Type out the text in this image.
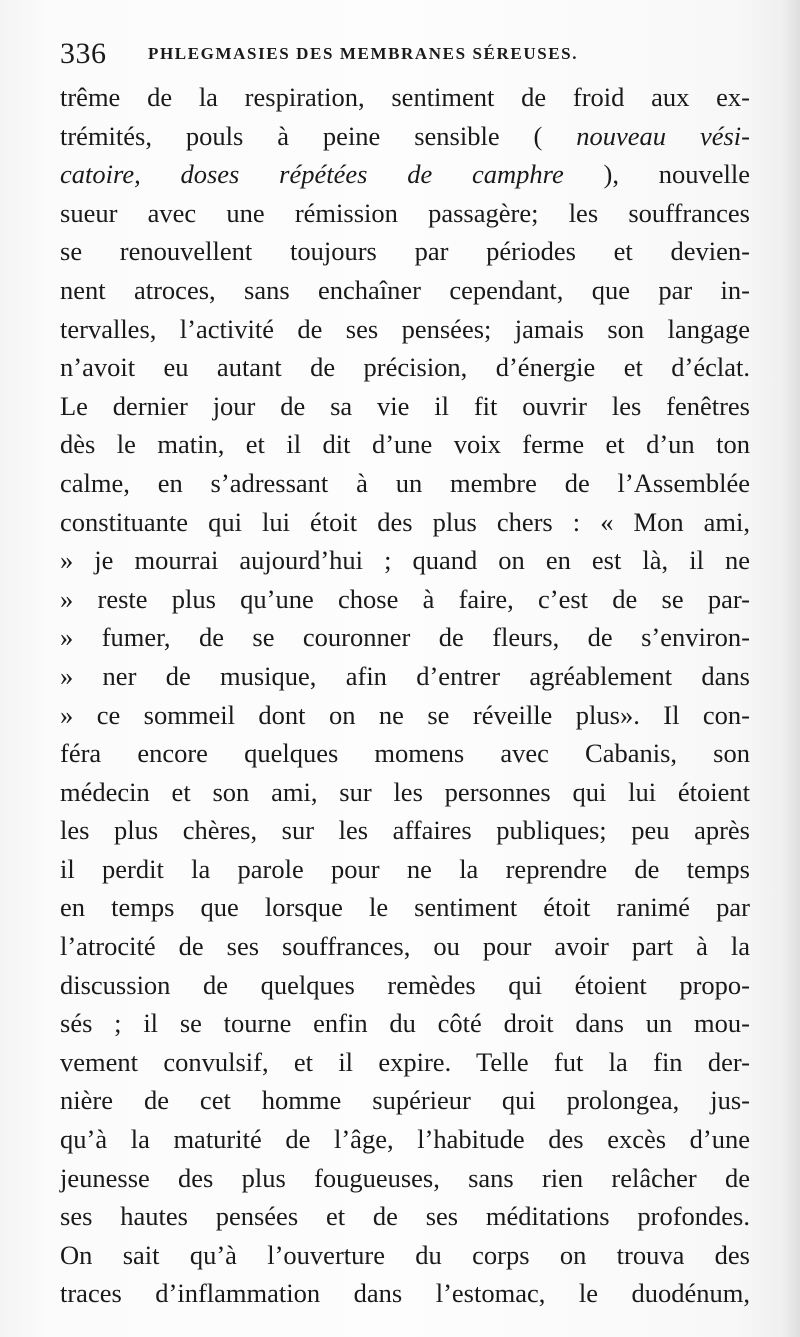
336 PHLEGMASIES DES MEMBRANES SÉREUSES.
trême de la respiration, sentiment de froid aux ex-
trémités, pouls à peine sensible ( nouveau vési-
catoire, doses répétées de camphre ), nouvelle
sueur avec une rémission passagère; les souffrances
se renouvellent toujours par périodes et devien-
nent atroces, sans enchaîner cependant, que par in-
tervalles, l’activité de ses pensées; jamais son langage
n’avoit eu autant de précision, d’énergie et d’éclat.
Le dernier jour de sa vie il fit ouvrir les fenêtres
dès le matin, et il dit d’une voix ferme et d’un ton
calme, en s’adressant à un membre de l’Assemblée
constituante qui lui étoit des plus chers : « Mon ami,
» je mourrai aujourd’hui ; quand on en est là, il ne
» reste plus qu’une chose à faire, c’est de se par-
» fumer, de se couronner de fleurs, de s’environ-
» ner de musique, afin d’entrer agréablement dans
» ce sommeil dont on ne se réveille plus». Il con-
féra encore quelques momens avec Cabanis, son
médecin et son ami, sur les personnes qui lui étoient
les plus chères, sur les affaires publiques; peu après
il perdit la parole pour ne la reprendre de temps
en temps que lorsque le sentiment étoit ranimé par
l’atrocité de ses souffrances, ou pour avoir part à la
discussion de quelques remèdes qui étoient propo-
sés ; il se tourne enfin du côté droit dans un mou-
vement convulsif, et il expire. Telle fut la fin der-
nière de cet homme supérieur qui prolongea, jus-
qu’à la maturité de l’âge, l’habitude des excès d’une
jeunesse des plus fougueuses, sans rien relâcher de
ses hautes pensées et de ses méditations profondes.
On sait qu’à l’ouverture du corps on trouva des
traces d’inflammation dans l’estomac, le duodénum,
